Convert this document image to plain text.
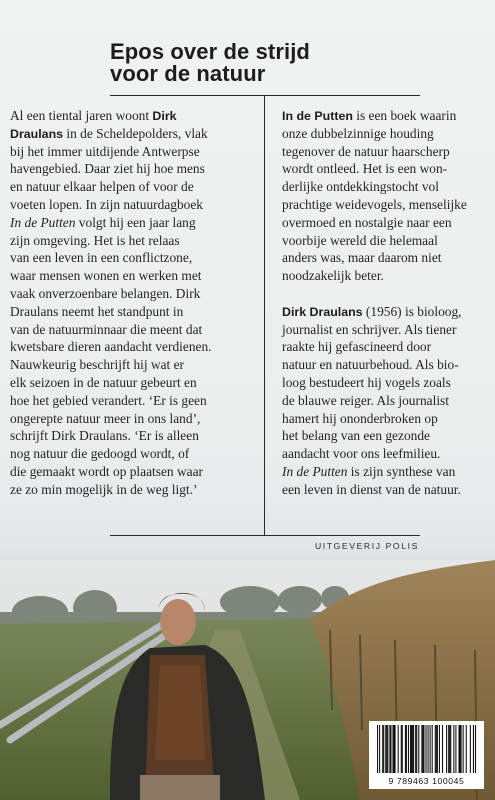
Epos over de strijd
voor de natuur
Al een tiental jaren woont Dirk
Draulans in de Scheldepolders, vlak
bij het immer uitdijende Antwerpse
havengebied. Daar ziet hij hoe mens
en natuur elkaar helpen of voor de
voeten lopen. In zijn natuurdagboek
In de Putten volgt hij een jaar lang
zijn omgeving. Het is het relaas
van een leven in een conflictzone,
waar mensen wonen en werken met
vaak onverzoenbare belangen. Dirk
Draulans neemt het standpunt in
van de natuurminnaar die meent dat
kwetsbare dieren aandacht verdienen.
Nauwkeurig beschrijft hij wat er
elk seizoen in de natuur gebeurt en
hoe het gebied verandert. ‘Er is geen
ongerepte natuur meer in ons land’,
schrijft Dirk Draulans. ‘Er is alleen
nog natuur die gedoogd wordt, of
die gemaakt wordt op plaatsen waar
ze zo min mogelijk in de weg ligt.’
In de Putten is een boek waarin
onze dubbelzinnige houding
tegenover de natuur haarscherp
wordt ontleed. Het is een won-
derlijke ontdekkingstocht vol
prachtige weidevogels, menselijke
overmoed en nostalgie naar een
voorbije wereld die helemaal
anders was, maar daarom niet
noodzakelijk beter.
Dirk Draulans (1956) is bioloog,
journalist en schrijver. Als tiener
raakte hij gefascineerd door
natuur en natuurbehoud. Als bio-
loog bestudeert hij vogels zoals
de blauwe reiger. Als journalist
hamert hij ononderbroken op
het belang van een gezonde
aandacht voor ons leefmilieu.
In de Putten is zijn synthese van
een leven in dienst van de natuur.
UITGEVERIJ POLIS
9 789463 100045
